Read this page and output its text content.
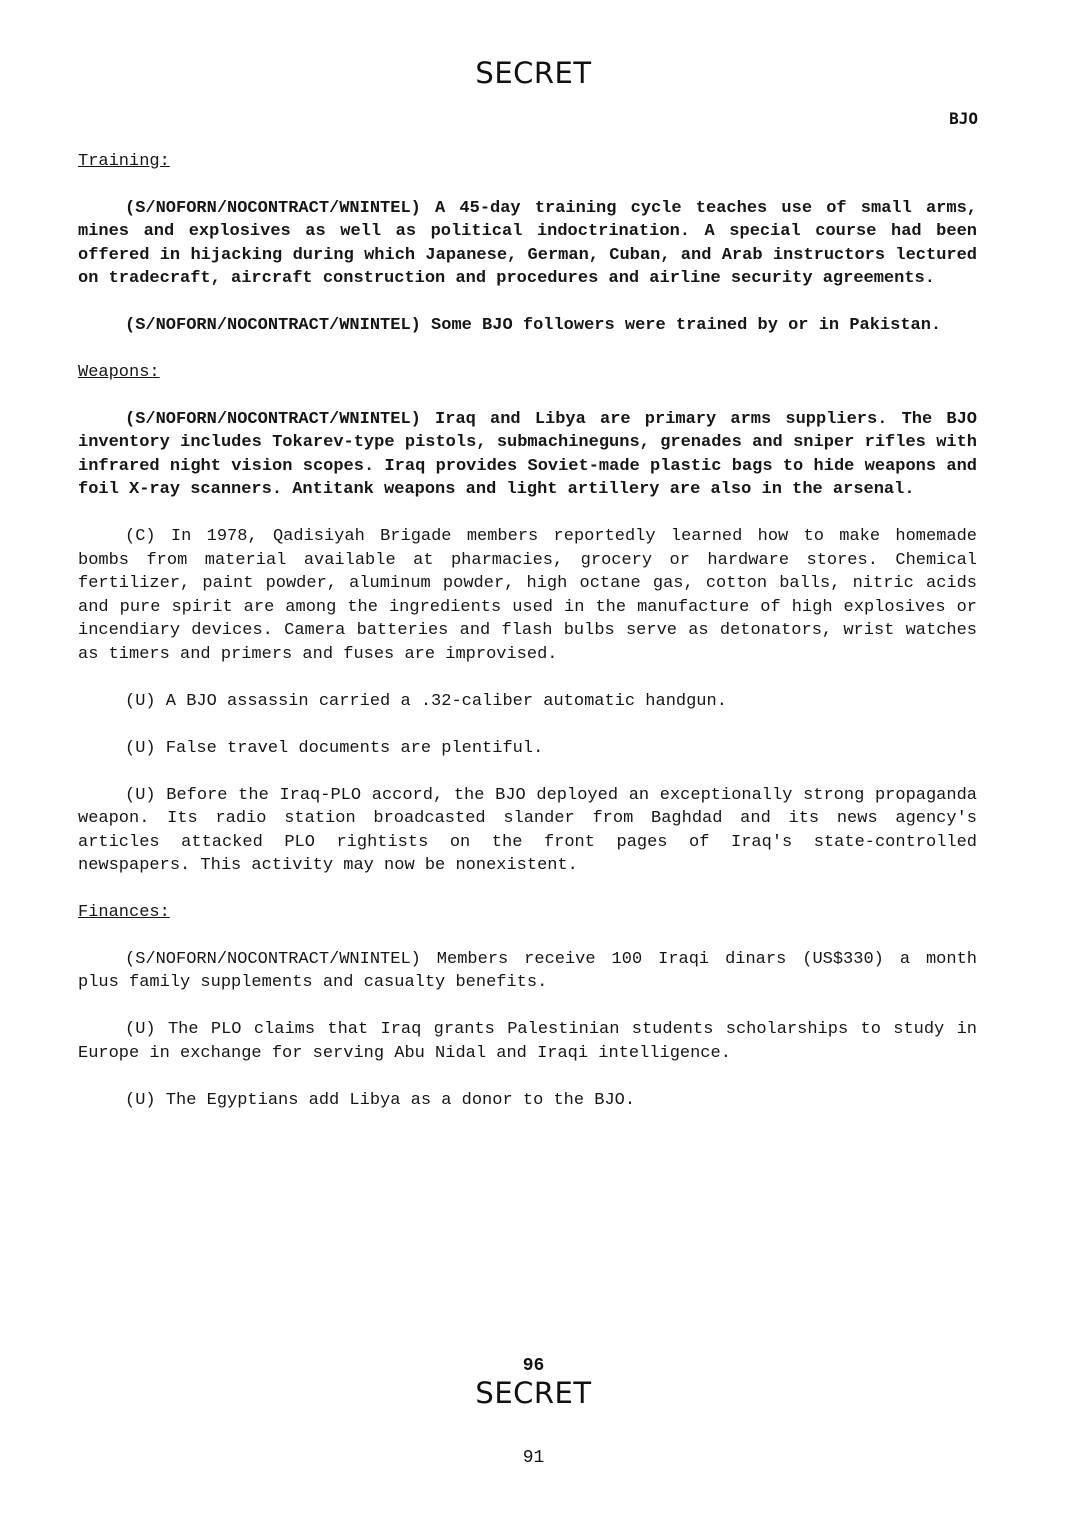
SECRET
BJO
Training:

(S/NOFORN/NOCONTRACT/WNINTEL) A 45-day training cycle teaches use of small arms, mines and explosives as well as political indoctrination. A special course had been offered in hijacking during which Japanese, German, Cuban, and Arab instructors lectured on tradecraft, aircraft construction and procedures and airline security agreements.

(S/NOFORN/NOCONTRACT/WNINTEL) Some BJO followers were trained by or in Pakistan.

Weapons:

(S/NOFORN/NOCONTRACT/WNINTEL) Iraq and Libya are primary arms suppliers. The BJO inventory includes Tokarev-type pistols, submachineguns, grenades and sniper rifles with infrared night vision scopes. Iraq provides Soviet-made plastic bags to hide weapons and foil X-ray scanners. Antitank weapons and light artillery are also in the arsenal.

(C) In 1978, Qadisiyah Brigade members reportedly learned how to make homemade bombs from material available at pharmacies, grocery or hardware stores. Chemical fertilizer, paint powder, aluminum powder, high octane gas, cotton balls, nitric acids and pure spirit are among the ingredients used in the manufacture of high explosives or incendiary devices. Camera batteries and flash bulbs serve as detonators, wrist watches as timers and primers and fuses are improvised.

(U) A BJO assassin carried a .32-caliber automatic handgun.

(U) False travel documents are plentiful.

(U) Before the Iraq-PLO accord, the BJO deployed an exceptionally strong propaganda weapon. Its radio station broadcasted slander from Baghdad and its news agency's articles attacked PLO rightists on the front pages of Iraq's state-controlled newspapers. This activity may now be nonexistent.

Finances:

(S/NOFORN/NOCONTRACT/WNINTEL) Members receive 100 Iraqi dinars (US$330) a month plus family supplements and casualty benefits.

(U) The PLO claims that Iraq grants Palestinian students scholarships to study in Europe in exchange for serving Abu Nidal and Iraqi intelligence.

(U) The Egyptians add Libya as a donor to the BJO.

96
SECRET
91
